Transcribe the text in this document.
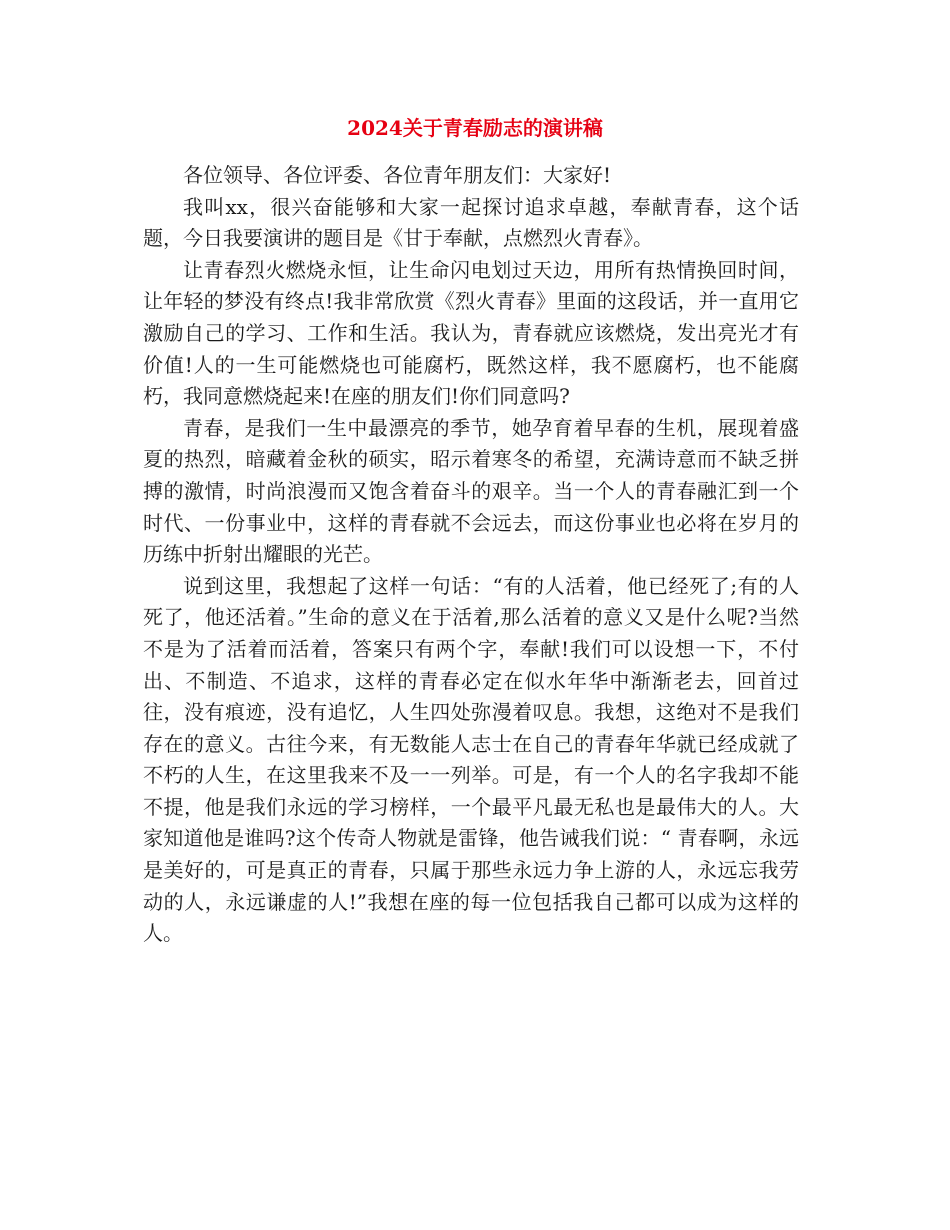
2024关于青春励志的演讲稿

各位领导、各位评委、各位青年朋友们：大家好!

我叫xx，很兴奋能够和大家一起探讨追求卓越，奉献青春，这个话题，今日我要演讲的题目是《甘于奉献，点燃烈火青春》。

让青春烈火燃烧永恒，让生命闪电划过天边，用所有热情换回时间，让年轻的梦没有终点!我非常欣赏《烈火青春》里面的这段话，并一直用它激励自己的学习、工作和生活。我认为，青春就应该燃烧，发出亮光才有价值!人的一生可能燃烧也可能腐朽，既然这样，我不愿腐朽，也不能腐朽，我同意燃烧起来!在座的朋友们!你们同意吗?

青春，是我们一生中最漂亮的季节，她孕育着早春的生机，展现着盛夏的热烈，暗藏着金秋的硕实，昭示着寒冬的希望，充满诗意而不缺乏拼搏的激情，时尚浪漫而又饱含着奋斗的艰辛。当一个人的青春融汇到一个时代、一份事业中，这样的青春就不会远去，而这份事业也必将在岁月的历练中折射出耀眼的光芒。

说到这里，我想起了这样一句话：“有的人活着，他已经死了;有的人死了，他还活着。”生命的意义在于活着,那么活着的意义又是什么呢?当然不是为了活着而活着，答案只有两个字，奉献!我们可以设想一下，不付出、不制造、不追求，这样的青春必定在似水年华中渐渐老去，回首过往，没有痕迹，没有追忆，人生四处弥漫着叹息。我想，这绝对不是我们存在的意义。古往今来，有无数能人志士在自己的青春年华就已经成就了不朽的人生，在这里我来不及一一列举。可是，有一个人的名字我却不能不提，他是我们永远的学习榜样，一个最平凡最无私也是最伟大的人。大家知道他是谁吗?这个传奇人物就是雷锋，他告诫我们说：“ 青春啊，永远是美好的，可是真正的青春，只属于那些永远力争上游的人，永远忘我劳动的人，永远谦虚的人!”我想在座的每一位包括我自己都可以成为这样的人。
